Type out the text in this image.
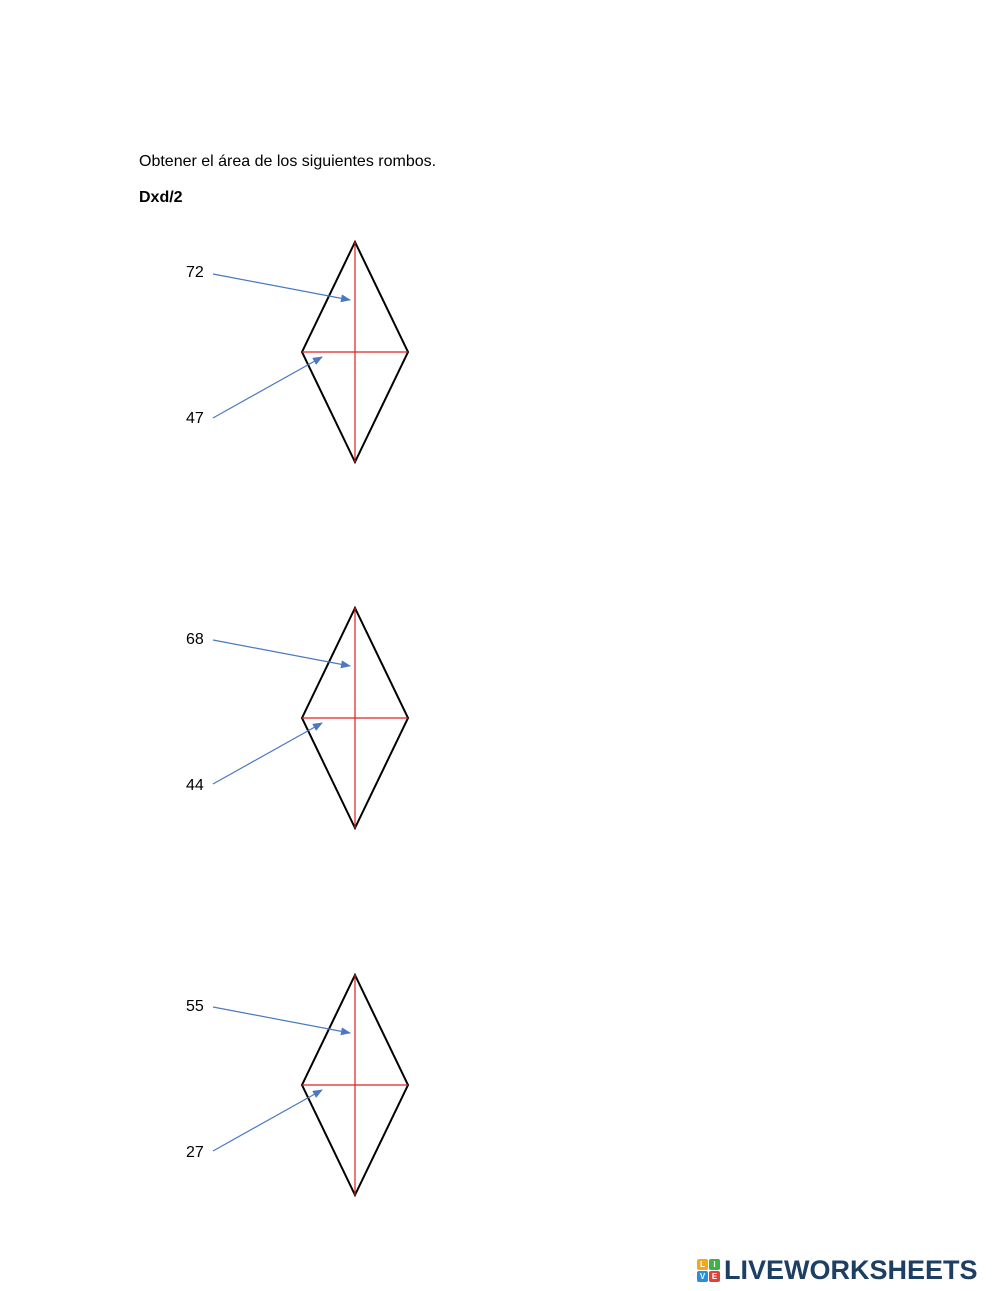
Obtener el área de los siguientes rombos.

Dxd/2

72
47
68
44
55
27
L	I
V E LIVEWORKSHEETS
